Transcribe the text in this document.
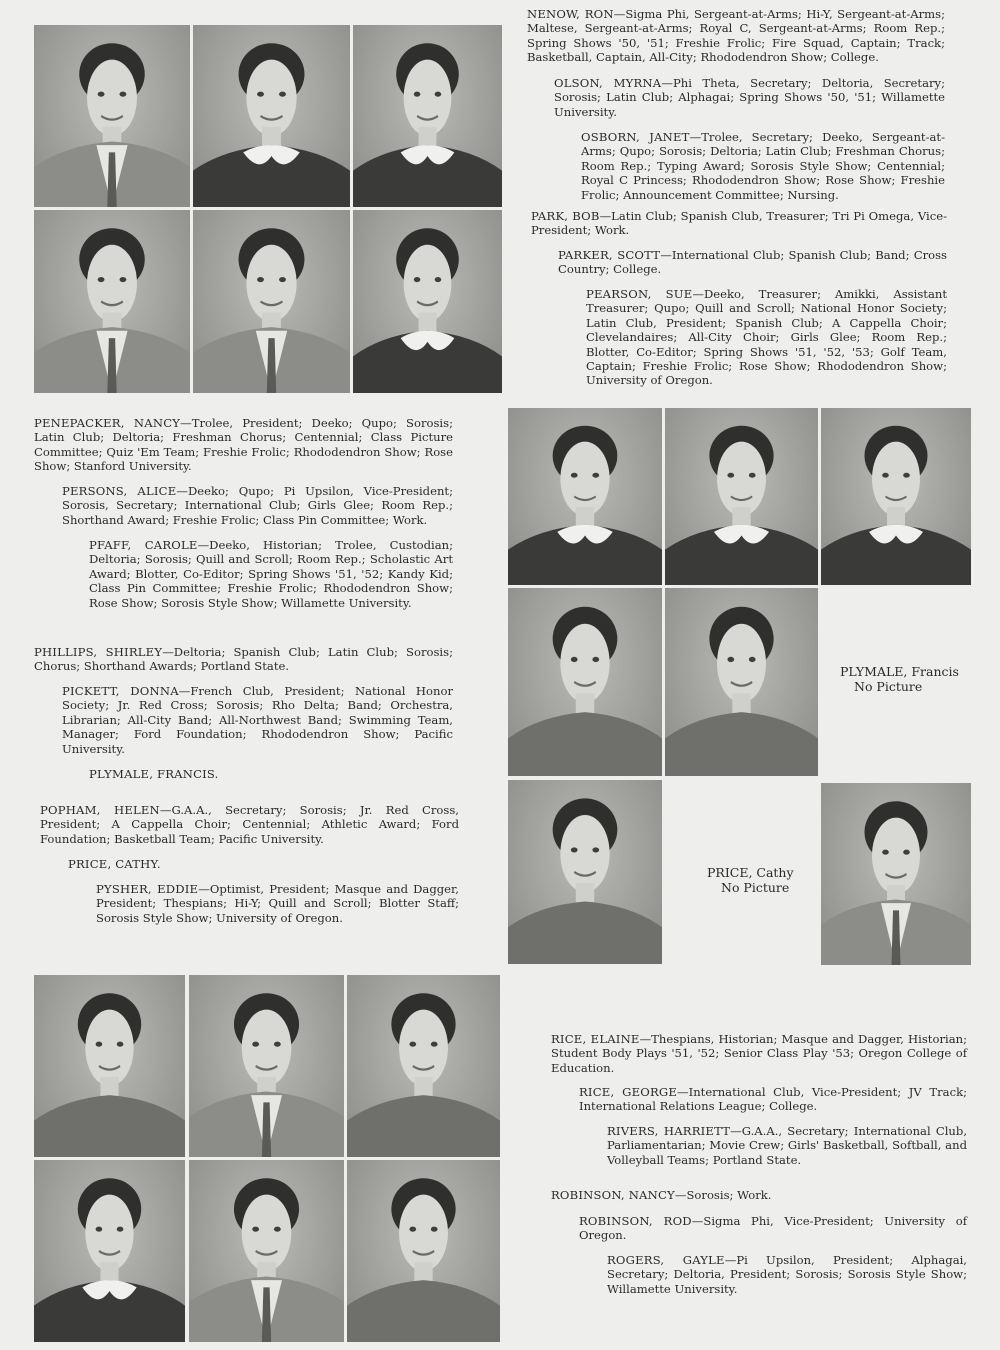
NENOW, RON—Sigma Phi, Sergeant-at-Arms; Hi-Y, Sergeant-at-Arms; Maltese, Sergeant-at-Arms; Royal C, Sergeant-at-Arms; Room Rep.; Spring Shows '50, '51; Freshie Frolic; Fire Squad, Captain; Track; Basketball, Captain, All-City; Rhododendron Show; College.

OLSON, MYRNA—Phi Theta, Secretary; Deltoria, Secretary; Sorosis; Latin Club; Alphagai; Spring Shows '50, '51; Willamette University.

OSBORN, JANET—Trolee, Secretary; Deeko, Sergeant-at-Arms; Qupo; Sorosis; Deltoria; Latin Club; Freshman Chorus; Room Rep.; Typing Award; Sorosis Style Show; Centennial; Royal C Princess; Rhododendron Show; Rose Show; Freshie Frolic; Announcement Committee; Nursing.

PARK, BOB—Latin Club; Spanish Club, Treasurer; Tri Pi Omega, Vice-President; Work.

PARKER, SCOTT—International Club; Spanish Club; Band; Cross Country; College.

PEARSON, SUE—Deeko, Treasurer; Amikki, Assistant Treasurer; Qupo; Quill and Scroll; National Honor Society; Latin Club, President; Spanish Club; A Cappella Choir; Clevelandaires; All-City Choir; Girls Glee; Room Rep.; Blotter, Co-Editor; Spring Shows '51, '52, '53; Golf Team, Captain; Freshie Frolic; Rose Show; Rhododendron Show; University of Oregon.

PENEPACKER, NANCY—Trolee, President; Deeko; Qupo; Sorosis; Latin Club; Deltoria; Freshman Chorus; Centennial; Class Picture Committee; Quiz 'Em Team; Freshie Frolic; Rhododendron Show; Rose Show; Stanford University.

PERSONS, ALICE—Deeko; Qupo; Pi Upsilon, Vice-President; Sorosis, Secretary; International Club; Girls Glee; Room Rep.; Shorthand Award; Freshie Frolic; Class Pin Committee; Work.

PFAFF, CAROLE—Deeko, Historian; Trolee, Custodian; Deltoria; Sorosis; Quill and Scroll; Room Rep.; Scholastic Art Award; Blotter, Co-Editor; Spring Shows '51, '52; Kandy Kid; Class Pin Committee; Freshie Frolic; Rhododendron Show; Rose Show; Sorosis Style Show; Willamette University.

PHILLIPS, SHIRLEY—Deltoria; Spanish Club; Latin Club; Sorosis; Chorus; Shorthand Awards; Portland State.

PICKETT, DONNA—French Club, President; National Honor Society; Jr. Red Cross; Sorosis; Rho Delta; Band; Orchestra, Librarian; All-City Band; All-Northwest Band; Swimming Team, Manager; Ford Foundation; Rhododendron Show; Pacific University.

PLYMALE, FRANCIS.

POPHAM, HELEN—G.A.A., Secretary; Sorosis; Jr. Red Cross, President; A Cappella Choir; Centennial; Athletic Award; Ford Foundation; Basketball Team; Pacific University.

PRICE, CATHY.

PYSHER, EDDIE—Optimist, President; Masque and Dagger, President; Thespians; Hi-Y; Quill and Scroll; Blotter Staff; Sorosis Style Show; University of Oregon.

RICE, ELAINE—Thespians, Historian; Masque and Dagger, Historian; Student Body Plays '51, '52; Senior Class Play '53; Oregon College of Education.

RICE, GEORGE—International Club, Vice-President; JV Track; International Relations League; College.

RIVERS, HARRIETT—G.A.A., Secretary; International Club, Parliamentarian; Movie Crew; Girls' Basketball, Softball, and Volleyball Teams; Portland State.

ROBINSON, NANCY—Sorosis; Work.

ROBINSON, ROD—Sigma Phi, Vice-President; University of Oregon.

ROGERS, GAYLE—Pi Upsilon, President; Alphagai, Secretary; Deltoria, President; Sorosis; Sorosis Style Show; Willamette University.

PLYMALE, Francis
No Picture
PRICE, Cathy
No Picture
